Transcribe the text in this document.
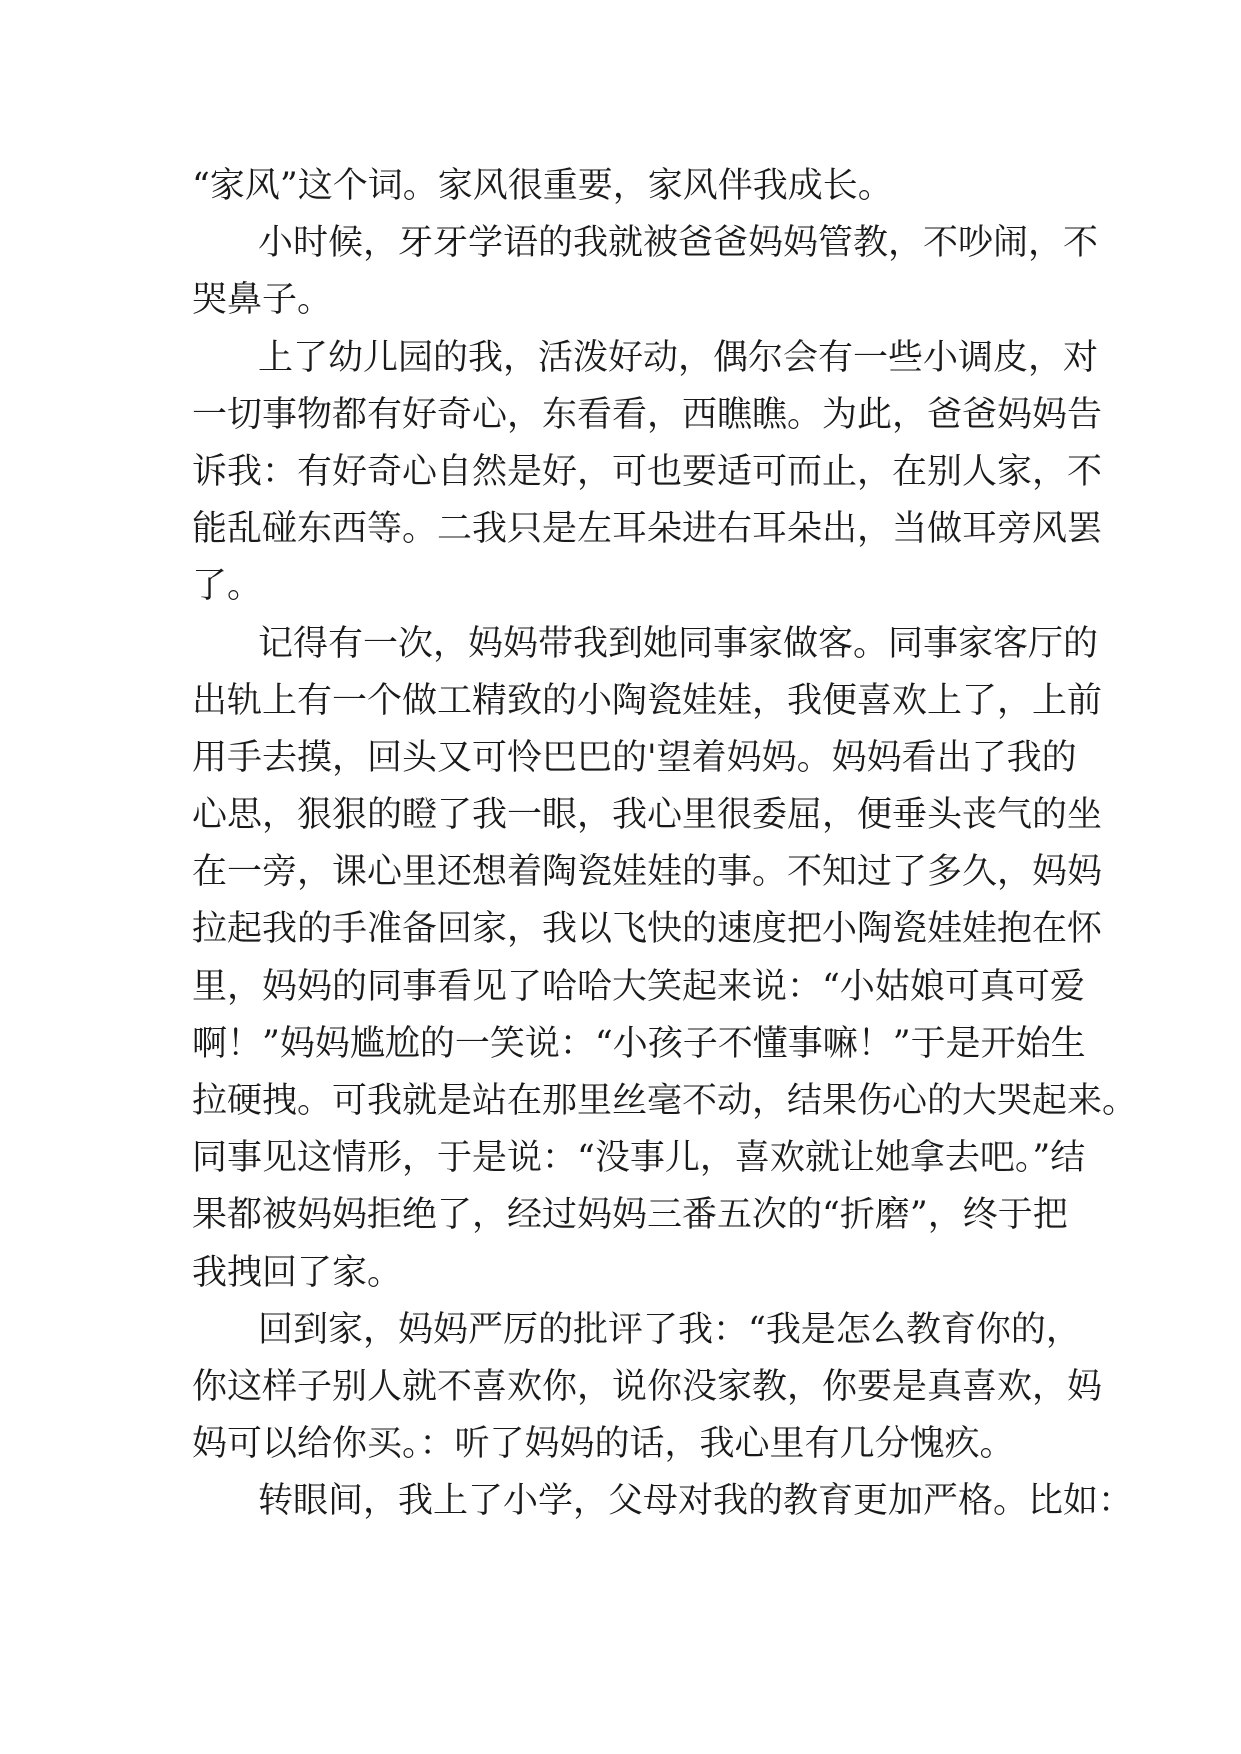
“家风”这个词。家风很重要，家风伴我成长。
小时候，牙牙学语的我就被爸爸妈妈管教，不吵闹，不
哭鼻子。
上了幼儿园的我，活泼好动，偶尔会有一些小调皮，对
一切事物都有好奇心，东看看，西瞧瞧。为此，爸爸妈妈告
诉我：有好奇心自然是好，可也要适可而止，在别人家，不
能乱碰东西等。二我只是左耳朵进右耳朵出，当做耳旁风罢
了。
记得有一次，妈妈带我到她同事家做客。同事家客厅的
出轨上有一个做工精致的小陶瓷娃娃，我便喜欢上了，上前
用手去摸，回头又可怜巴巴的'望着妈妈。妈妈看出了我的
心思，狠狠的瞪了我一眼，我心里很委屈，便垂头丧气的坐
在一旁，课心里还想着陶瓷娃娃的事。不知过了多久，妈妈
拉起我的手准备回家，我以飞快的速度把小陶瓷娃娃抱在怀
里，妈妈的同事看见了哈哈大笑起来说：“小姑娘可真可爱
啊！”妈妈尴尬的一笑说：“小孩子不懂事嘛！”于是开始生
拉硬拽。可我就是站在那里丝毫不动，结果伤心的大哭起来。
同事见这情形，于是说：“没事儿，喜欢就让她拿去吧。”结
果都被妈妈拒绝了，经过妈妈三番五次的“折磨”，终于把
我拽回了家。
回到家，妈妈严厉的批评了我：“我是怎么教育你的，
你这样子别人就不喜欢你，说你没家教，你要是真喜欢，妈
妈可以给你买。：听了妈妈的话，我心里有几分愧疚。
转眼间，我上了小学，父母对我的教育更加严格。比如：
